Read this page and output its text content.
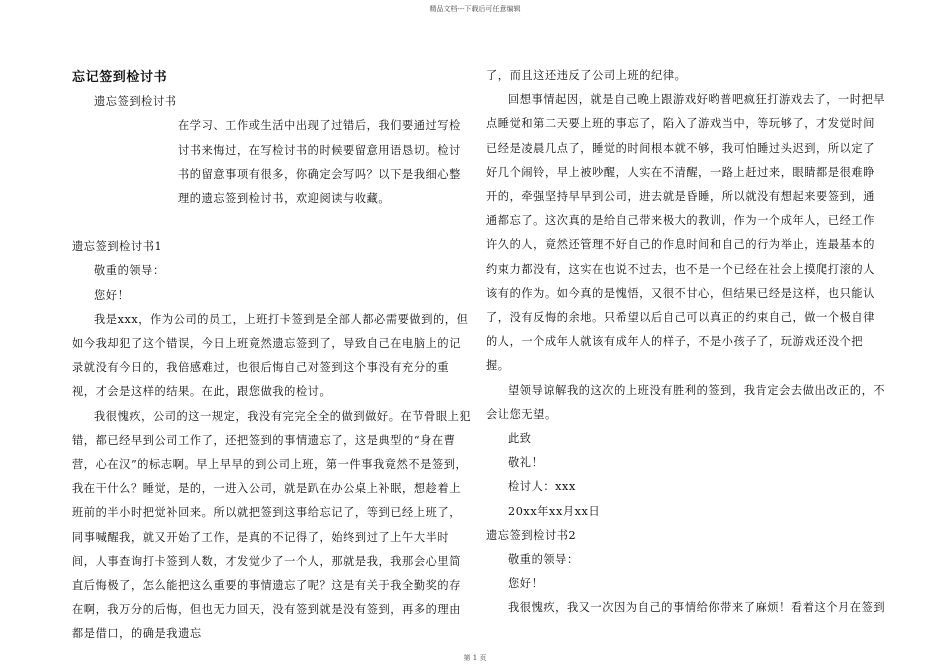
精品文档---下载后可任意编辑

忘记签到检讨书

遗忘签到检讨书

在学习、工作或生活中出现了过错后，我们要通过写检讨书来悔过，在写检讨书的时候要留意用语恳切。检讨书的留意事项有很多，你确定会写吗？以下是我细心整理的遗忘签到检讨书，欢迎阅读与收藏。

遗忘签到检讨书1

敬重的领导：

您好！

我是xxx，作为公司的员工，上班打卡签到是全部人都必需要做到的，但如今我却犯了这个错误，今日上班竟然遗忘签到了，导致自己在电脑上的记录就没有今日的，我倍感难过，也很后悔自己对签到这个事没有充分的重视，才会是这样的结果。在此，跟您做我的检讨。

我很愧疚，公司的这一规定，我没有完完全全的做到做好。在节骨眼上犯错，都已经早到公司工作了，还把签到的事情遗忘了，这是典型的“身在曹营，心在汉”的标志啊。早上早早的到公司上班，第一件事我竟然不是签到，我在干什么？睡觉，是的，一进入公司，就是趴在办公桌上补眠，想趁着上班前的半小时把觉补回来。所以就把签到这事给忘记了，等到已经上班了，同事喊醒我，就又开始了工作，是真的不记得了，始终到过了上午大半时间，人事查询打卡签到人数，才发觉少了一个人，那就是我，我那会心里简直后悔极了，怎么能把这么重要的事情遗忘了呢？这是有关于我全勤奖的存在啊，我万分的后悔，但也无力回天，没有签到就是没有签到，再多的理由都是借口，的确是我遗忘

了，而且这还违反了公司上班的纪律。

回想事情起因，就是自己晚上跟游戏好哟普吧疯狂打游戏去了，一时把早点睡觉和第二天要上班的事忘了，陷入了游戏当中，等玩够了，才发觉时间已经是凌晨几点了，睡觉的时间根本就不够，我可怕睡过头迟到，所以定了好几个闹铃，早上被吵醒，人实在不清醒，一路上赶过来，眼睛都是很难睁开的，牵强坚持早早到公司，进去就是昏睡，所以就没有想起来要签到，通通都忘了。这次真的是给自己带来极大的教训，作为一个成年人，已经工作许久的人，竟然还管理不好自己的作息时间和自己的行为举止，连最基本的约束力都没有，这实在也说不过去，也不是一个已经在社会上摸爬打滚的人该有的作为。如今真的是愧悟，又很不甘心，但结果已经是这样，也只能认了，没有反悔的余地。只希望以后自己可以真正的约束自己，做一个极自律的人，一个成年人就该有成年人的样子，不是小孩子了，玩游戏还没个把握。

望领导谅解我的这次的上班没有胜利的签到，我肯定会去做出改正的，不会让您无望。

此致

敬礼！

检讨人：xxx

20xx年xx月xx日

遗忘签到检讨书2

敬重的领导：

您好！

我很愧疚，我又一次因为自己的事情给你带来了麻烦！看着这个月在签到

第 1 页
